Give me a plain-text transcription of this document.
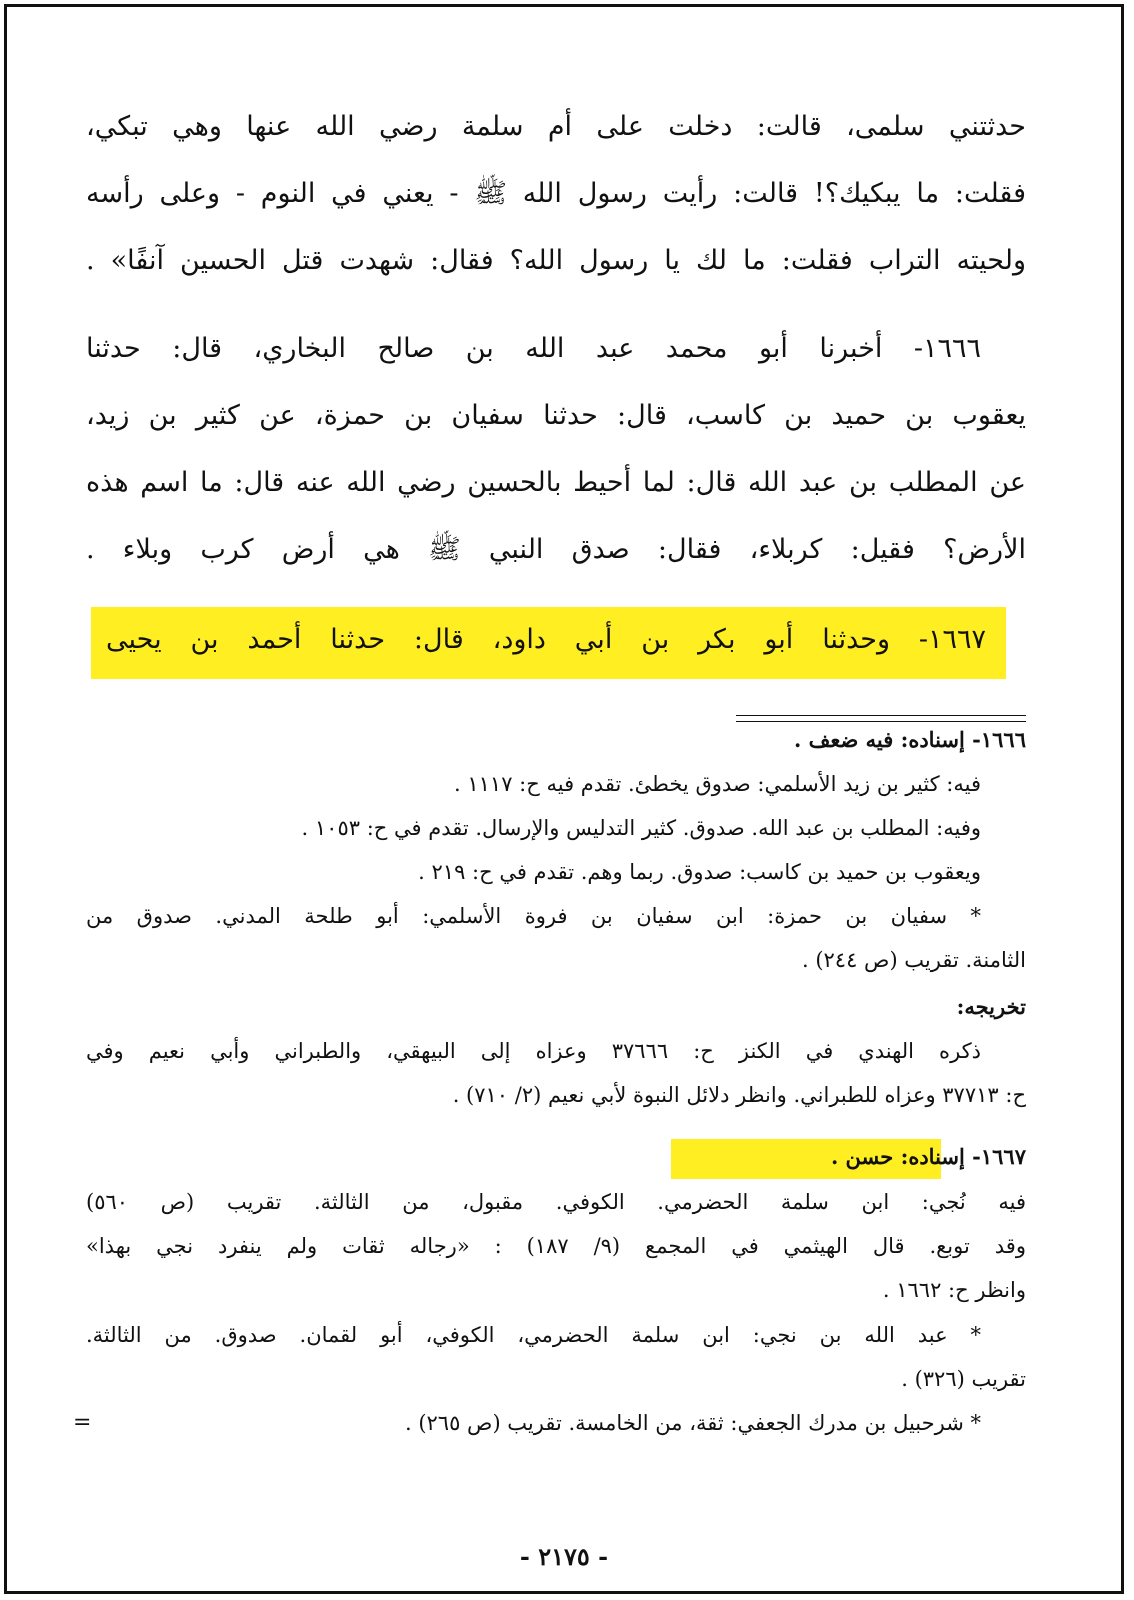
حدثتني سلمى، قالت: دخلت على أم سلمة رضي الله عنها وهي تبكي،
فقلت: ما يبكيك؟! قالت: رأيت رسول الله ﷺ - يعني في النوم - وعلى رأسه
ولحيته التراب فقلت: ما لك يا رسول الله؟ فقال: شهدت قتل الحسين آنفًا» .
١٦٦٦- أخبرنا أبو محمد عبد الله بن صالح البخاري، قال: حدثنا
يعقوب بن حميد بن كاسب، قال: حدثنا سفيان بن حمزة، عن كثير بن زيد،
عن المطلب بن عبد الله قال: لما أحيط بالحسين رضي الله عنه قال: ما اسم هذه
الأرض؟ فقيل: كربلاء، فقال: صدق النبي ﷺ هي أرض كرب وبلاء .
١٦٦٧- وحدثنا أبو بكر بن أبي داود، قال: حدثنا أحمد بن يحيى
١٦٦٦- إسناده: فيه ضعف .
فيه: كثير بن زيد الأسلمي: صدوق يخطئ. تقدم فيه ح: ١١١٧ .
وفيه: المطلب بن عبد الله. صدوق. كثير التدليس والإرسال. تقدم في ح: ١٠٥٣ .
ويعقوب بن حميد بن كاسب: صدوق. ربما وهم. تقدم في ح: ٢١٩ .
* سفيان بن حمزة: ابن سفيان بن فروة الأسلمي: أبو طلحة المدني. صدوق من
الثامنة. تقريب (ص ٢٤٤) .
تخريجه:
ذكره الهندي في الكنز ح: ٣٧٦٦٦ وعزاه إلى البيهقي، والطبراني وأبي نعيم وفي
ح: ٣٧٧١٣ وعزاه للطبراني. وانظر دلائل النبوة لأبي نعيم (٢/ ٧١٠) .
١٦٦٧- إسناده: حسن .
فيه نُجي: ابن سلمة الحضرمي. الكوفي. مقبول، من الثالثة. تقريب (ص ٥٦٠)
وقد توبع. قال الهيثمي في المجمع (٩/ ١٨٧) : «رجاله ثقات ولم ينفرد نجي بهذا»
وانظر ح: ١٦٦٢ .
* عبد الله بن نجي: ابن سلمة الحضرمي، الكوفي، أبو لقمان. صدوق. من الثالثة.
تقريب (٣٢٦) .
* شرحبيل بن مدرك الجعفي: ثقة، من الخامسة. تقريب (ص ٢٦٥) .
=
- ٢١٧٥ -
